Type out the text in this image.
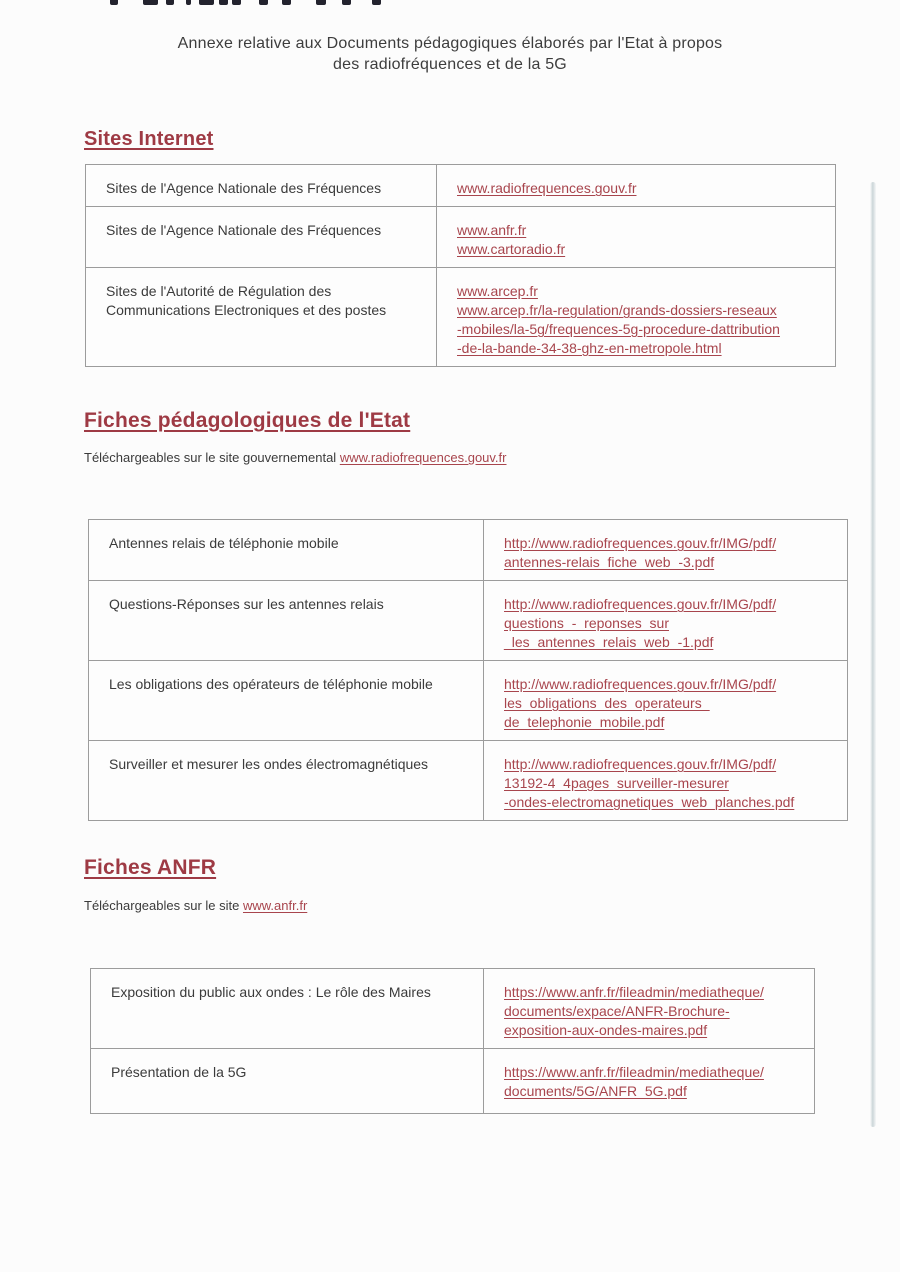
Annexe relative aux Documents pédagogiques élaborés par l'Etat à propos
des radiofréquences et de la 5G
Sites Internet
Sites de l'Agence Nationale des Fréquences	www.radiofrequences.gouv.fr

Sites de l'Agence Nationale des Fréquences	www.anfr.fr
www.cartoradio.fr

Sites de l'Autorité de Régulation des Communications Electroniques et des postes	www.arcep.fr
www.arcep.fr/la-regulation/grands-dossiers-reseaux
-mobiles/la-5g/frequences-5g-procedure-dattribution
-de-la-bande-34-38-ghz-en-metropole.html
Fiches pédagologiques de l'Etat

Téléchargeables sur le site gouvernemental www.radiofrequences.gouv.fr

Antennes relais de téléphonie mobile	http://www.radiofrequences.gouv.fr/IMG/pdf/
antennes-relais_fiche_web_-3.pdf

Questions-Réponses sur les antennes relais	http://www.radiofrequences.gouv.fr/IMG/pdf/
questions_-_reponses_sur
_les_antennes_relais_web_-1.pdf

Les obligations des opérateurs de téléphonie mobile	http://www.radiofrequences.gouv.fr/IMG/pdf/
les_obligations_des_operateurs_
de_telephonie_mobile.pdf

Surveiller et mesurer les ondes électromagnétiques	http://www.radiofrequences.gouv.fr/IMG/pdf/
13192-4_4pages_surveiller-mesurer
-ondes-electromagnetiques_web_planches.pdf
Fiches ANFR

Téléchargeables sur le site www.anfr.fr

Exposition du public aux ondes : Le rôle des Maires	https://www.anfr.fr/fileadmin/mediatheque/
documents/expace/ANFR-Brochure-
exposition-aux-ondes-maires.pdf

Présentation de la 5G	https://www.anfr.fr/fileadmin/mediatheque/
documents/5G/ANFR_5G.pdf
